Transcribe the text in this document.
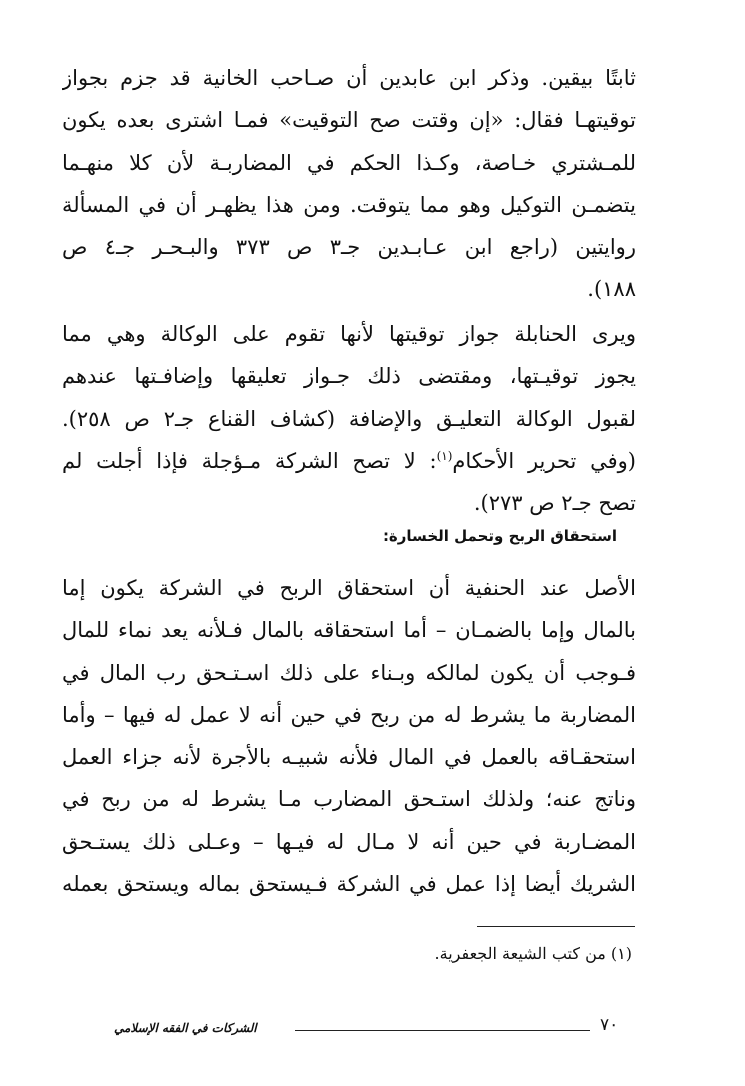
ثابتًا بيقين. وذكر ابن عابدين أن صـاحب الخانية قد جزم بجواز
توقيتهـا فقال: «إن وقتت صح التوقيت» فمـا اشترى بعده يكون
للمـشتري خـاصة، وكـذا الحكم في المضاربـة لأن كلا منهـما
يتضمـن التوكيل وهو مما يتوقت. ومن هذا يظهـر أن في المسألة
روايتين (راجع ابن عـابـدين جـ٣ ص ٣٧٣ والبـحـر جـ٤ ص
١٨٨).
ويرى الحنابلة جواز توقيتها لأنها تقوم على الوكالة وهي مما
يجوز توقيـتها، ومقتضى ذلك جـواز تعليقها وإضافـتها عندهم
لقبول الوكالة التعليـق والإضافة (كشاف القناع جـ٢ ص ٢٥٨).
(وفي تحرير الأحكام$^{(١)}$: لا تصح الشركة مـؤجلة فإذا أجلت لم
تصح جـ٢ ص ٢٧٣).
استحقاق الربح وتحمل الخسارة:
الأصل عند الحنفية أن استحقاق الربح في الشركة يكون إما
بالمال وإما بالضمـان – أما استحقاقه بالمال فـلأنه يعد نماء للمال
فـوجب أن يكون لمالكه وبـناء على ذلك اسـتـحق رب المال في
المضاربة ما يشرط له من ربح في حين أنه لا عمل له فيها – وأما
استحقـاقه بالعمل في المال فلأنه شبيـه بالأجرة لأنه جزاء العمل
وناتج عنه؛ ولذلك استـحق المضارب مـا يشرط له من ربح في
المضـاربة في حين أنه لا مـال له فيـها – وعـلى ذلك يستـحق
الشريك أيضا إذا عمل في الشركة فـيستحق بماله ويستحق بعمله
(١) من كتب الشيعة الجعفرية.
٧٠
الشركات في الفقه الإسلامي
